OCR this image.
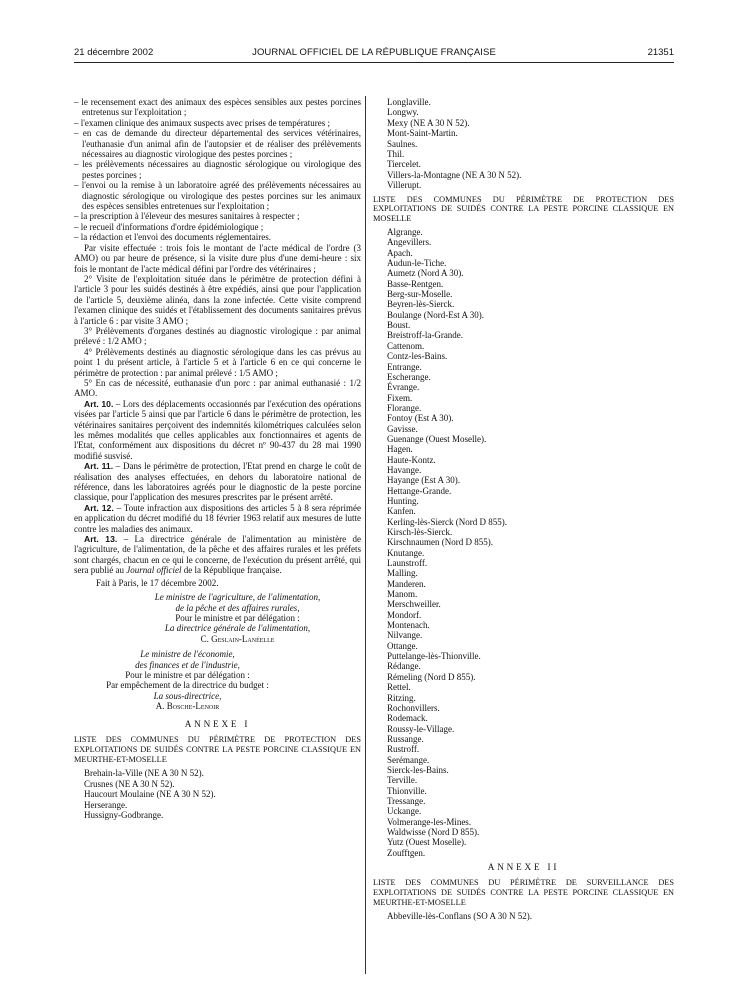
21 décembre 2002	JOURNAL OFFICIEL DE LA RÉPUBLIQUE FRANÇAISE	21351

– le recensement exact des animaux des espèces sensibles aux pestes porcines entretenus sur l'exploitation ;

– l'examen clinique des animaux suspects avec prises de températures ;

– en cas de demande du directeur départemental des services vétérinaires, l'euthanasie d'un animal afin de l'autopsier et de réaliser des prélèvements nécessaires au diagnostic virologique des pestes porcines ;

– les prélèvements nécessaires au diagnostic sérologique ou virologique des pestes porcines ;

– l'envoi ou la remise à un laboratoire agréé des prélèvements nécessaires au diagnostic sérologique ou virologique des pestes porcines sur les animaux des espèces sensibles entretenues sur l'exploitation ;

– la prescription à l'éleveur des mesures sanitaires à respecter ;

– le recueil d'informations d'ordre épidémiologique ;

– la rédaction et l'envoi des documents réglementaires.

Par visite effectuée : trois fois le montant de l'acte médical de l'ordre (3 AMO) ou par heure de présence, si la visite dure plus d'une demi-heure : six fois le montant de l'acte médical défini par l'ordre des vétérinaires ;

2° Visite de l'exploitation située dans le périmètre de protection défini à l'article 3 pour les suidés destinés à être expédiés, ainsi que pour l'application de l'article 5, deuxième alinéa, dans la zone infectée. Cette visite comprend l'examen clinique des suidés et l'établissement des documents sanitaires prévus à l'article 6 : par visite 3 AMO ;

3° Prélèvements d'organes destinés au diagnostic virologique : par animal prélevé : 1/2 AMO ;

4° Prélèvements destinés au diagnostic sérologique dans les cas prévus au point 1 du présent article, à l'article 5 et à l'article 6 en ce qui concerne le périmètre de protection : par animal prélevé : 1/5 AMO ;

5° En cas de nécessité, euthanasie d'un porc : par animal euthanasié : 1/2 AMO.

Art. 10. – Lors des déplacements occasionnés par l'exécution des opérations visées par l'article 5 ainsi que par l'article 6 dans le périmètre de protection, les vétérinaires sanitaires perçoivent des indemnités kilométriques calculées selon les mêmes modalités que celles applicables aux fonctionnaires et agents de l'Etat, conformément aux dispositions du décret nº 90-437 du 28 mai 1990 modifié susvisé.

Art. 11. – Dans le périmètre de protection, l'Etat prend en charge le coût de réalisation des analyses effectuées, en dehors du laboratoire national de référence, dans les laboratoires agréés pour le diagnostic de la peste porcine classique, pour l'application des mesures prescrites par le présent arrêté.

Art. 12. – Toute infraction aux dispositions des articles 5 à 8 sera réprimée en application du décret modifié du 18 février 1963 relatif aux mesures de lutte contre les maladies des animaux.

Art. 13. – La directrice générale de l'alimentation au ministère de l'agriculture, de l'alimentation, de la pêche et des affaires rurales et les préfets sont chargés, chacun en ce qui le concerne, de l'exécution du présent arrêté, qui sera publié au Journal officiel de la République française.

Fait à Paris, le 17 décembre 2002.

Le ministre de l'agriculture, de l'alimentation,

de la pêche et des affaires rurales,

Pour le ministre et par délégation :

La directrice générale de l'alimentation,

C. Geslain-Lanéelle

Le ministre de l'économie,

des finances et de l'industrie,

Pour le ministre et par délégation :

Par empêchement de la directrice du budget :

La sous-directrice,

A. Bosche-Lenoir

ANNEXE I

LISTE DES COMMUNES DU PÉRIMÈTRE DE PROTECTION DES EXPLOITATIONS DE SUIDÉS CONTRE LA PESTE PORCINE CLASSIQUE EN MEURTHE-ET-MOSELLE

Brehain-la-Ville (NE A 30 N 52).
Crusnes (NE A 30 N 52).
Haucourt Moulaine (NE A 30 N 52).
Herserange.
Hussigny-Godbrange.
Longlaville.
Longwy.
Mexy (NE A 30 N 52).
Mont-Saint-Martin.
Saulnes.
Thil.
Tiercelet.
Villers-la-Montagne (NE A 30 N 52).
Villerupt.

LISTE DES COMMUNES DU PÉRIMÈTRE DE PROTECTION DES EXPLOITATIONS DE SUIDÉS CONTRE LA PESTE PORCINE CLASSIQUE EN MOSELLE

Algrange.
Angevillers.
Apach.
Audun-le-Tiche.
Aumetz (Nord A 30).
Basse-Rentgen.
Berg-sur-Moselle.
Beyren-lès-Sierck.
Boulange (Nord-Est A 30).
Boust.
Breistroff-la-Grande.
Cattenom.
Contz-les-Bains.
Entrange.
Escherange.
Évrange.
Fixem.
Florange.
Fontoy (Est A 30).
Gavisse.
Guenange (Ouest Moselle).
Hagen.
Haute-Kontz.
Havange.
Hayange (Est A 30).
Hettange-Grande.
Hunting.
Kanfen.
Kerling-lès-Sierck (Nord D 855).
Kirsch-lès-Sierck.
Kirschnaumen (Nord D 855).
Knutange.
Launstroff.
Malling.
Manderen.
Manom.
Merschweiller.
Mondorf.
Montenach.
Nilvange.
Ottange.
Puttelange-lès-Thionville.
Rédange.
Rémeling (Nord D 855).
Rettel.
Ritzing.
Rochonvillers.
Rodemack.
Roussy-le-Village.
Russange.
Rustroff.
Serémange.
Sierck-les-Bains.
Terville.
Thionville.
Tressange.
Uckange.
Volmerange-les-Mines.
Waldwisse (Nord D 855).
Yutz (Ouest Moselle).
Zoufftgen.

ANNEXE II

LISTE DES COMMUNES DU PÉRIMÈTRE DE SURVEILLANCE DES EXPLOITATIONS DE SUIDÉS CONTRE LA PESTE PORCINE CLASSIQUE EN MEURTHE-ET-MOSELLE

Abbeville-lès-Conflans (SO A 30 N 52).
